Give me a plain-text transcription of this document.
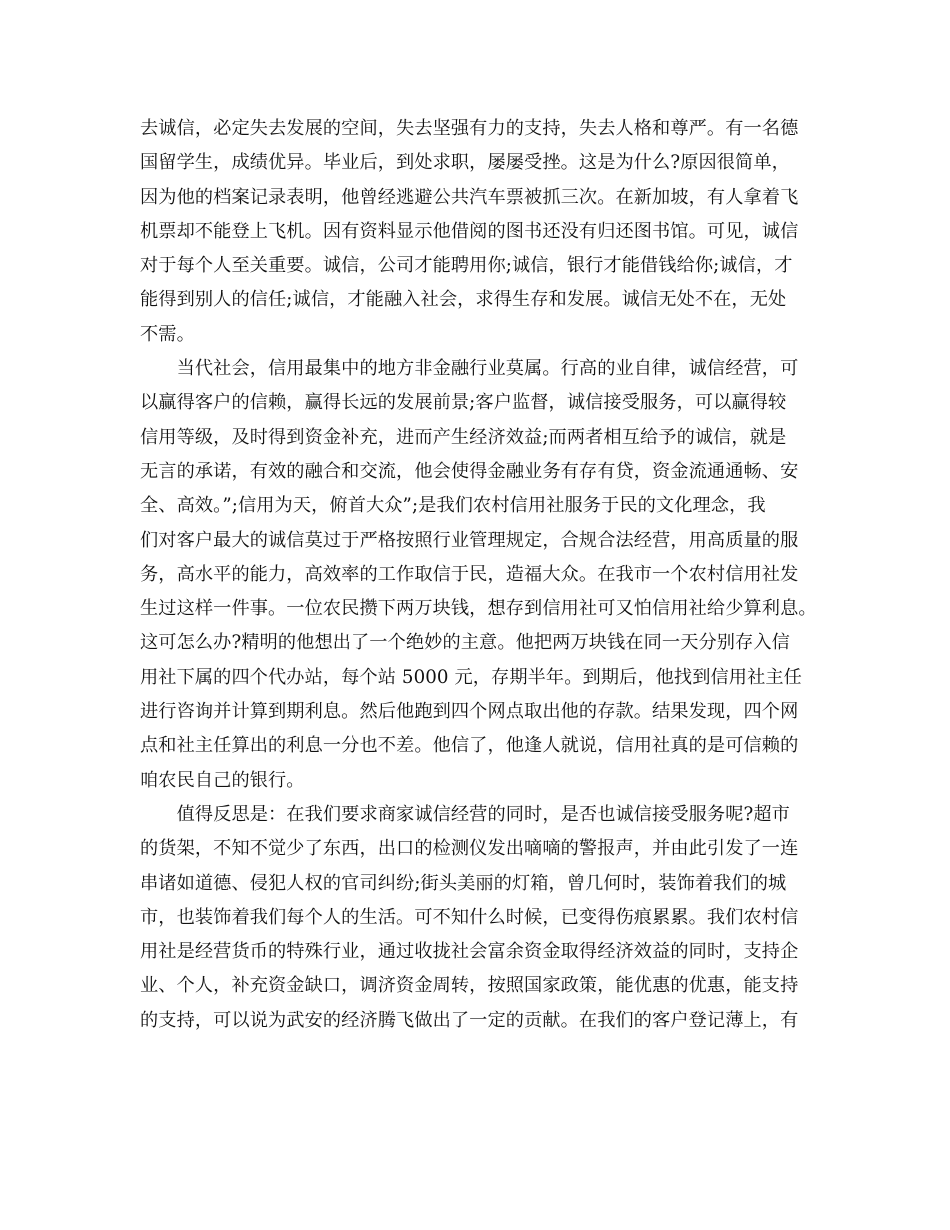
去诚信，必定失去发展的空间，失去坚强有力的支持，失去人格和尊严。有一名德
国留学生，成绩优异。毕业后，到处求职，屡屡受挫。这是为什么?原因很简单，
因为他的档案记录表明，他曾经逃避公共汽车票被抓三次。在新加坡，有人拿着飞
机票却不能登上飞机。因有资料显示他借阅的图书还没有归还图书馆。可见，诚信
对于每个人至关重要。诚信，公司才能聘用你;诚信，银行才能借钱给你;诚信，才
能得到别人的信任;诚信，才能融入社会，求得生存和发展。诚信无处不在，无处
不需。
　　当代社会，信用最集中的地方非金融行业莫属。行高的业自律，诚信经营，可
以赢得客户的信赖，赢得长远的发展前景;客户监督，诚信接受服务，可以赢得较
信用等级，及时得到资金补充，进而产生经济效益;而两者相互给予的诚信，就是
无言的承诺，有效的融合和交流，他会使得金融业务有存有贷，资金流通通畅、安
全、高效。”;信用为天，俯首大众”;是我们农村信用社服务于民的文化理念，我
们对客户最大的诚信莫过于严格按照行业管理规定，合规合法经营，用高质量的服
务，高水平的能力，高效率的工作取信于民，造福大众。在我市一个农村信用社发
生过这样一件事。一位农民攒下两万块钱，想存到信用社可又怕信用社给少算利息。
这可怎么办?精明的他想出了一个绝妙的主意。他把两万块钱在同一天分别存入信
用社下属的四个代办站，每个站 5000 元，存期半年。到期后，他找到信用社主任
进行咨询并计算到期利息。然后他跑到四个网点取出他的存款。结果发现，四个网
点和社主任算出的利息一分也不差。他信了，他逢人就说，信用社真的是可信赖的
咱农民自己的银行。
　　值得反思是：在我们要求商家诚信经营的同时，是否也诚信接受服务呢?超市
的货架，不知不觉少了东西，出口的检测仪发出嘀嘀的警报声，并由此引发了一连
串诸如道德、侵犯人权的官司纠纷;街头美丽的灯箱，曾几何时，装饰着我们的城
市，也装饰着我们每个人的生活。可不知什么时候，已变得伤痕累累。我们农村信
用社是经营货币的特殊行业，通过收拢社会富余资金取得经济效益的同时，支持企
业、个人，补充资金缺口，调济资金周转，按照国家政策，能优惠的优惠，能支持
的支持，可以说为武安的经济腾飞做出了一定的贡献。在我们的客户登记薄上，有
